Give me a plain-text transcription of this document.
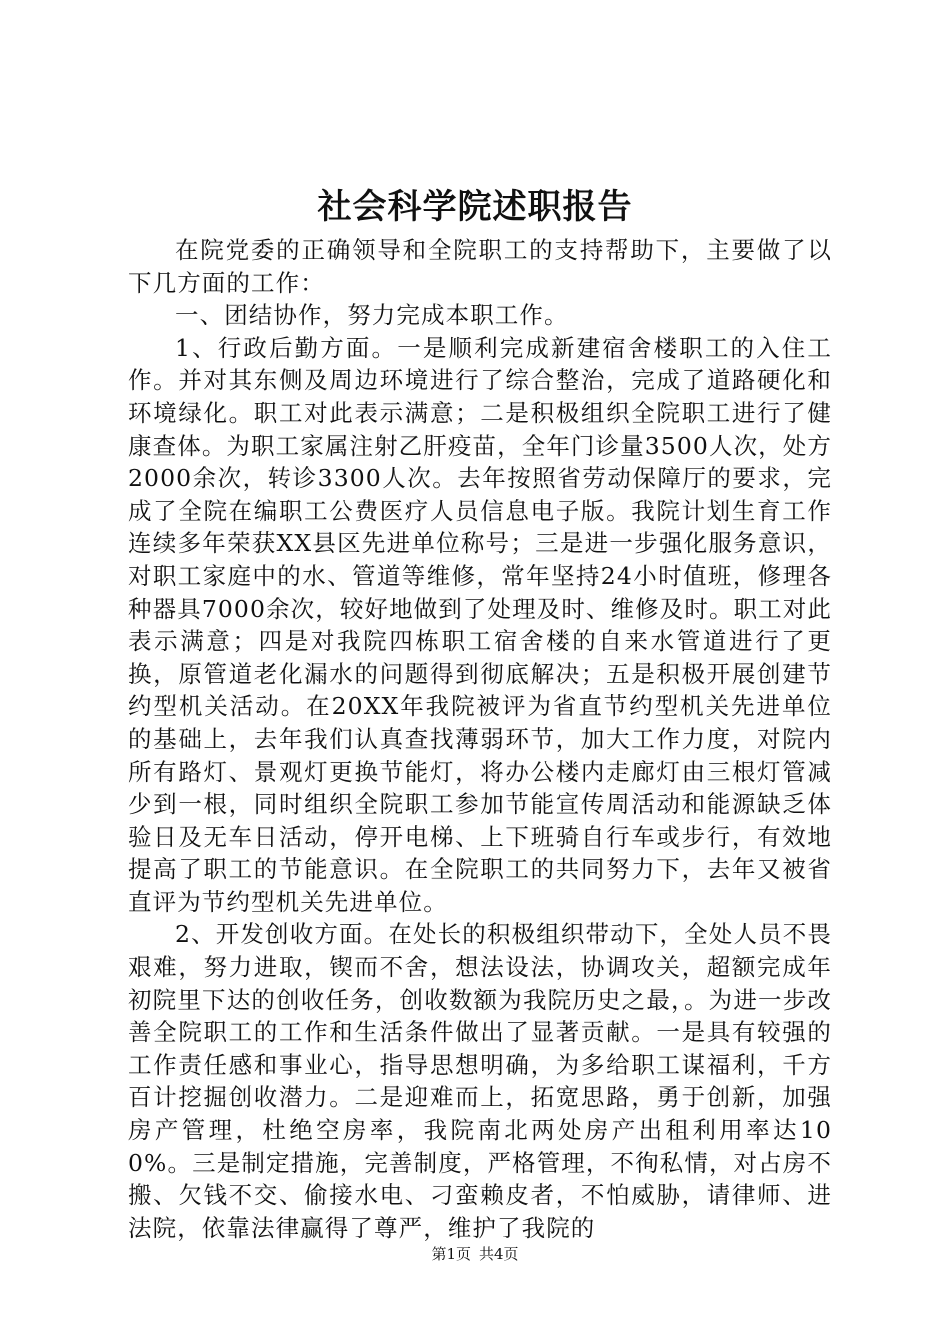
社会科学院述职报告

在院党委的正确领导和全院职工的支持帮助下，主要做了以下几方面的工作：

一、团结协作，努力完成本职工作。

1、行政后勤方面。一是顺利完成新建宿舍楼职工的入住工作。并对其东侧及周边环境进行了综合整治，完成了道路硬化和环境绿化。职工对此表示满意；二是积极组织全院职工进行了健康查体。为职工家属注射乙肝疫苗，全年门诊量3500人次，处方2000余次，转诊3300人次。去年按照省劳动保障厅的要求，完成了全院在编职工公费医疗人员信息电子版。我院计划生育工作连续多年荣获XX县区先进单位称号；三是进一步强化服务意识，对职工家庭中的水、管道等维修，常年坚持24小时值班，修理各种器具7000余次，较好地做到了处理及时、维修及时。职工对此表示满意；四是对我院四栋职工宿舍楼的自来水管道进行了更换，原管道老化漏水的问题得到彻底解决；五是积极开展创建节约型机关活动。在20XX年我院被评为省直节约型机关先进单位的基础上，去年我们认真查找薄弱环节，加大工作力度，对院内所有路灯、景观灯更换节能灯，将办公楼内走廊灯由三根灯管减少到一根，同时组织全院职工参加节能宣传周活动和能源缺乏体验日及无车日活动，停开电梯、上下班骑自行车或步行，有效地提高了职工的节能意识。在全院职工的共同努力下，去年又被省直评为节约型机关先进单位。

2、开发创收方面。在处长的积极组织带动下，全处人员不畏艰难，努力进取，锲而不舍，想法设法，协调攻关，超额完成年初院里下达的创收任务，创收数额为我院历史之最，。为进一步改善全院职工的工作和生活条件做出了显著贡献。一是具有较强的工作责任感和事业心，指导思想明确，为多给职工谋福利，千方百计挖掘创收潜力。二是迎难而上，拓宽思路，勇于创新，加强房产管理，杜绝空房率，我院南北两处房产出租利用率达100%。三是制定措施，完善制度，严格管理，不徇私情，对占房不搬、欠钱不交、偷接水电、刁蛮赖皮者，不怕威胁，请律师、进法院，依靠法律赢得了尊严，维护了我院的

第1页 共4页
